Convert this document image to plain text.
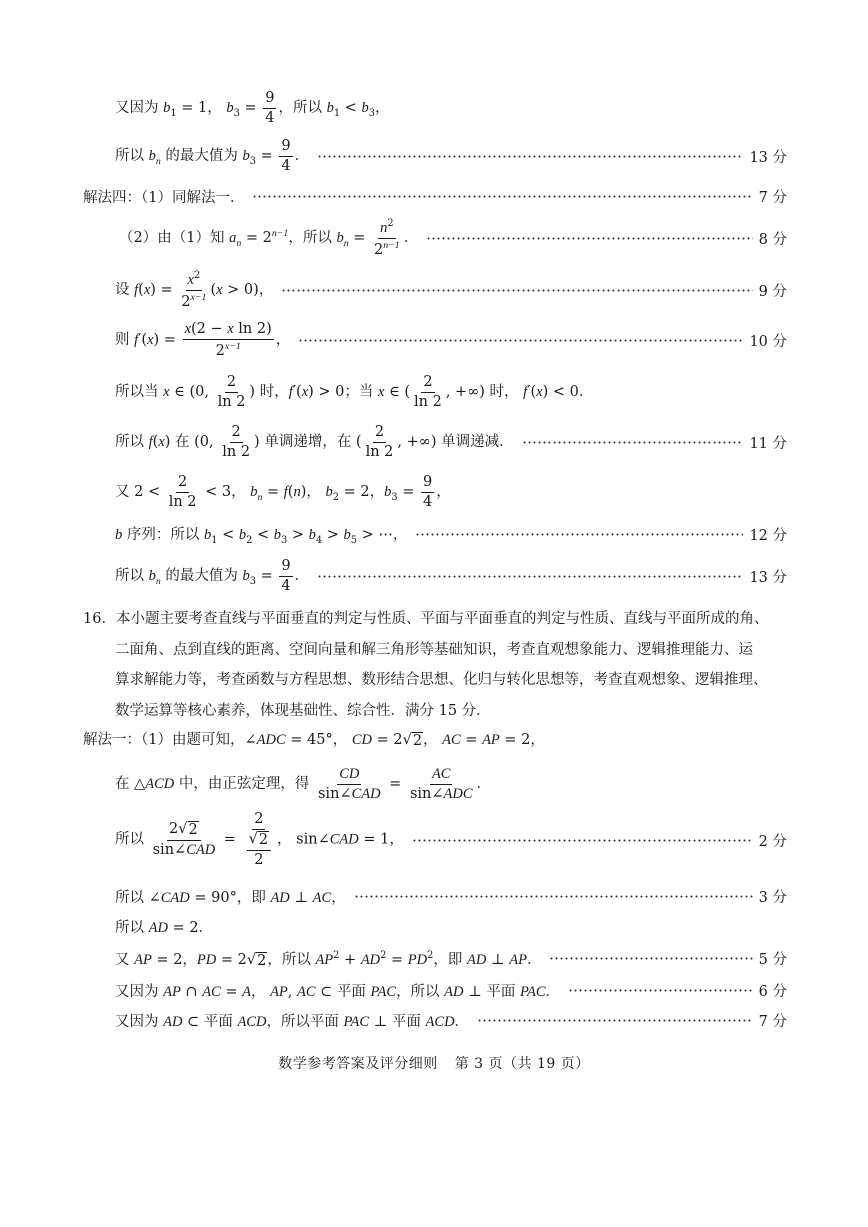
又因为 $b_1 = 1$， $b_3 = \frac{9}{4}$ ，所以 $b_1 < b_3$，
所以 $b_n$ 的最大值为 $b_3 = \frac{9}{4}$ ．	13 分
解法四：（1）同解法一．	7 分
（2）由（1）知 $a_n = 2^{n-1}$，所以 $b_n = \frac{n^2}{2^{n-1}}$ ．	8 分
设 $f(x) = \frac{x^2}{2^{x-1}} (x > 0)$，	9 分
则 $f'(x) = \frac{\text{x(2 − x ln 2)}}{2^{x-1}}$ ，	10 分
所以当 x ∈ (0, $\frac{2}{\ln 2}$ ) 时，f′(x) > 0；当 x ∈ ( $\frac{2}{\ln 2}$ , +∞) 时， f′(x) < 0．
所以 f(x) 在 (0, $\frac{2}{\ln 2}$ ) 单调递增，在 ( $\frac{2}{\ln 2}$ , +∞) 单调递减．	11 分
又 $2 < \frac{2}{\ln 2} < 3$， $b_n = f(n)$， $b_2 = 2$，$b_3 = \frac{9}{4}$ ，
b 序列：所以 $b_1 < b_2 < b_3 > b_4 > b_5$ > ⋯，	12 分
所以 $b_n$ 的最大值为 $b_3 = \frac{9}{4}$ ．	13 分
16．本小题主要考查直线与平面垂直的判定与性质、平面与平面垂直的判定与性质、直线与平面所成的角、
二面角、点到直线的距离、空间向量和解三角形等基础知识，考查直观想象能力、逻辑推理能力、运
算求解能力等，考查函数与方程思想、数形结合思想、化归与转化思想等，考查直观想象、逻辑推理、
数学运算等核心素养，体现基础性、综合性．满分 15 分．
解法一：（1）由题可知，∠ADC = 45°， CD = 2√ 2 ， AC = AP = 2，
在 △ACD 中，由正弦定理，得 $\frac{CD}{\text{sin∠CAD}} = \frac{AC}{\text{sin∠ADC}}$ ．
所以 $\frac{2√ 2}{\text{sin∠CAD}} = \frac{2}{\frac{√ 2}{2}}$ ， sin∠CAD = 1，	2 分
所以 ∠CAD = 90°，即 AD ⊥ AC，	3 分
所以 AD = 2．
又 AP = 2，PD = 2√ 2 ，所以 $AP^2 + AD^2 = PD^2$，即 AD ⊥ AP．	5 分
又因为 AP ∩ AC = A， AP, AC ⊂ 平面 PAC，所以 AD ⊥ 平面 PAC．	6 分
又因为 AD ⊂ 平面 ACD，所以平面 PAC ⊥ 平面 ACD．	7 分
数学参考答案及评分细则 第 3 页（共 19 页）
